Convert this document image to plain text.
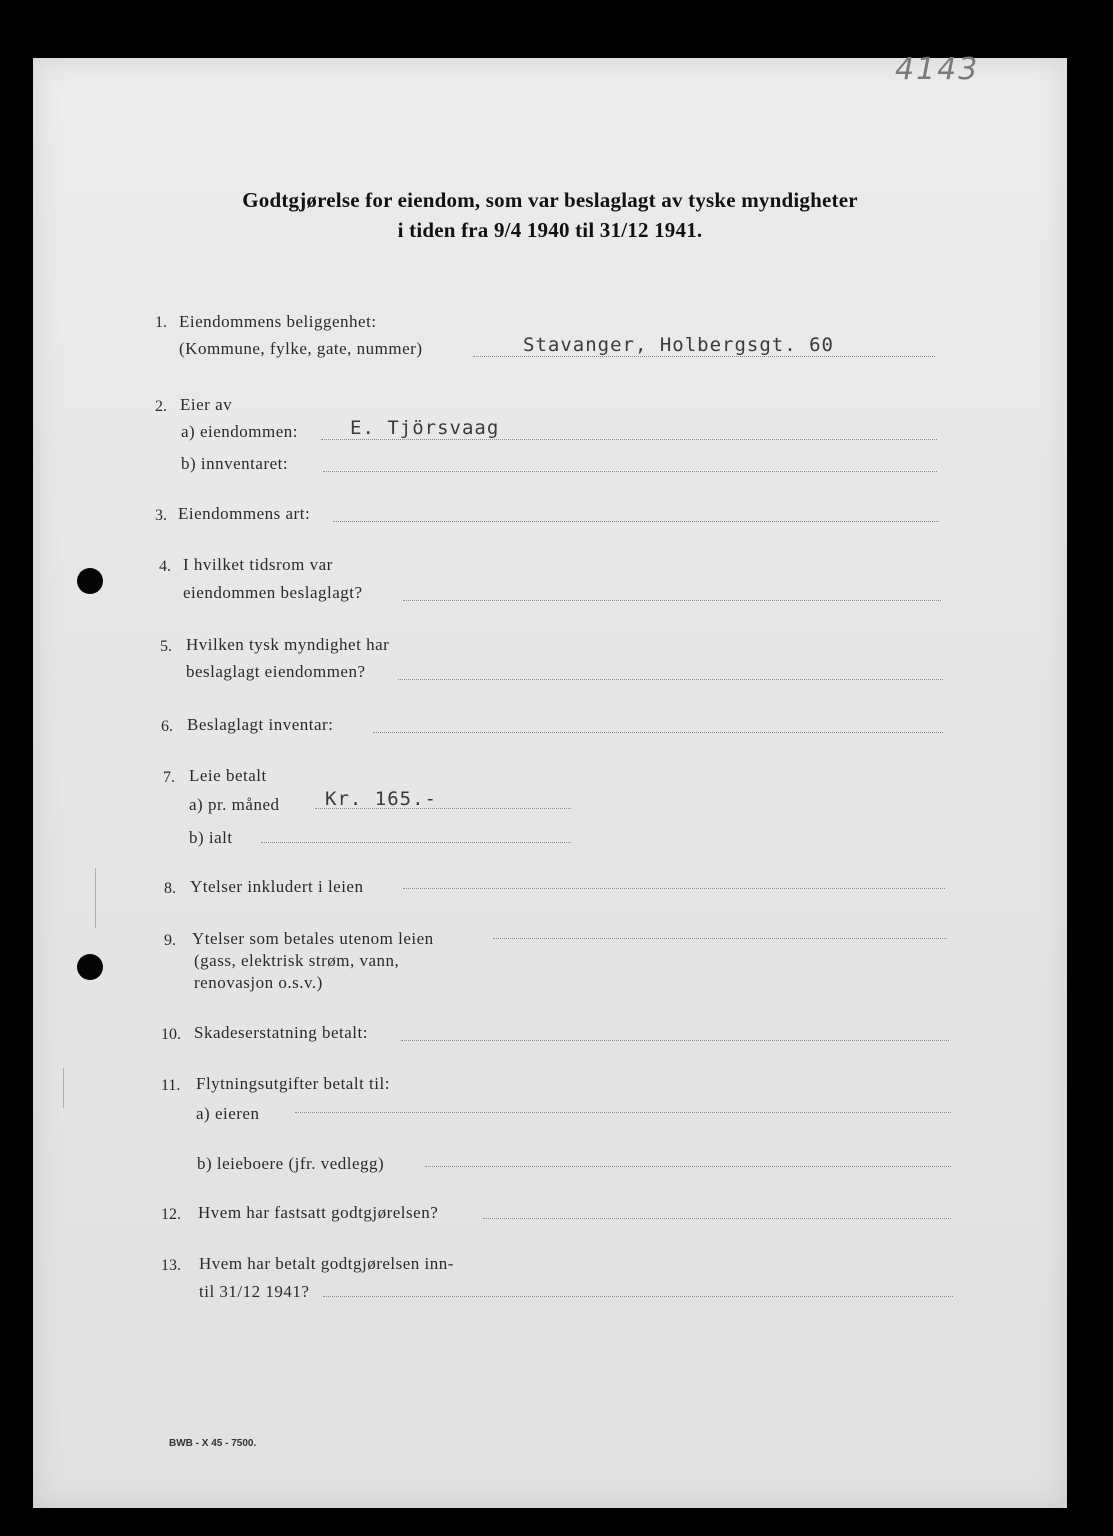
4143
Godtgjørelse for eiendom, som var beslaglagt av tyske myndigheter
i tiden fra 9/4 1940 til 31/12 1941.
1. Eiendommens beliggenhet:
(Kommune, fylke, gate, nummer)	Stavanger, Holbergsgt. 60
2. Eier av
a) eiendommen:	E. Tjörsvaag
b) innventaret:
3. Eiendommens art:
4. I hvilket tidsrom var
eiendommen beslaglagt?
5. Hvilken tysk myndighet har
beslaglagt eiendommen?
6. Beslaglagt inventar:
7. Leie betalt
a) pr. måned Kr. 165.-
b) ialt
8. Ytelser inkludert i leien
9. Ytelser som betales utenom leien
(gass, elektrisk strøm, vann,
renovasjon o.s.v.)
10. Skadeserstatning betalt:
11. Flytningsutgifter betalt til:
a) eieren
b) leieboere (jfr. vedlegg)
12. Hvem har fastsatt godtgjørelsen?
13. Hvem har betalt godtgjørelsen inn-
til 31/12 1941?
BWB - X 45 - 7500.
